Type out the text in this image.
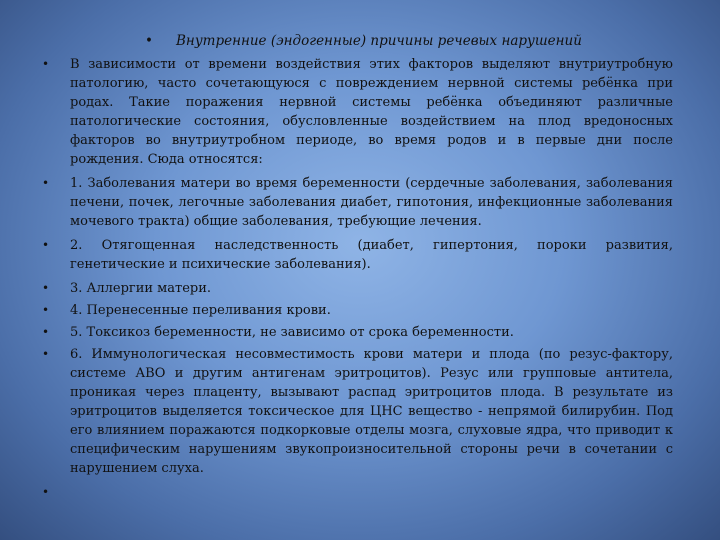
• Внутренние (эндогенные) причины речевых нарушений
• В зависимости от времени воздействия этих факторов выделяют внутриутробную патологию, часто сочетающуюся с повреждением нервной системы ребёнка при родах. Такие поражения нервной системы ребёнка объединяют различные патологические состояния, обусловленные воздействием на плод вредоносных факторов во внутриутробном периоде, во время родов и в первые дни после рождения. Сюда относятся:
• 1. Заболевания матери во время беременности (сердечные заболевания, заболевания печени, почек, легочные заболевания диабет, гипотония, инфекционные заболевания мочевого тракта) общие заболевания, требующие лечения.
• 2. Отягощенная наследственность (диабет, гипертония, пороки развития, генетические и психические заболевания).
• 3. Аллергии матери.
• 4. Перенесенные переливания крови.
• 5. Токсикоз беременности, не зависимо от срока беременности.
• 6. Иммунологическая несовместимость крови матери и плода (по резус-фактору, системе АВО и другим антигенам эритроцитов). Резус или групповые антитела, проникая через плаценту, вызывают распад эритроцитов плода. В результате из эритроцитов выделяется токсическое для ЦНС вещество - непрямой билирубин. Под его влиянием поражаются подкорковые отделы мозга, слуховые ядра, что приводит к специфическим нарушениям звукопроизносительной стороны речи в сочетании с нарушением слуха.
•
